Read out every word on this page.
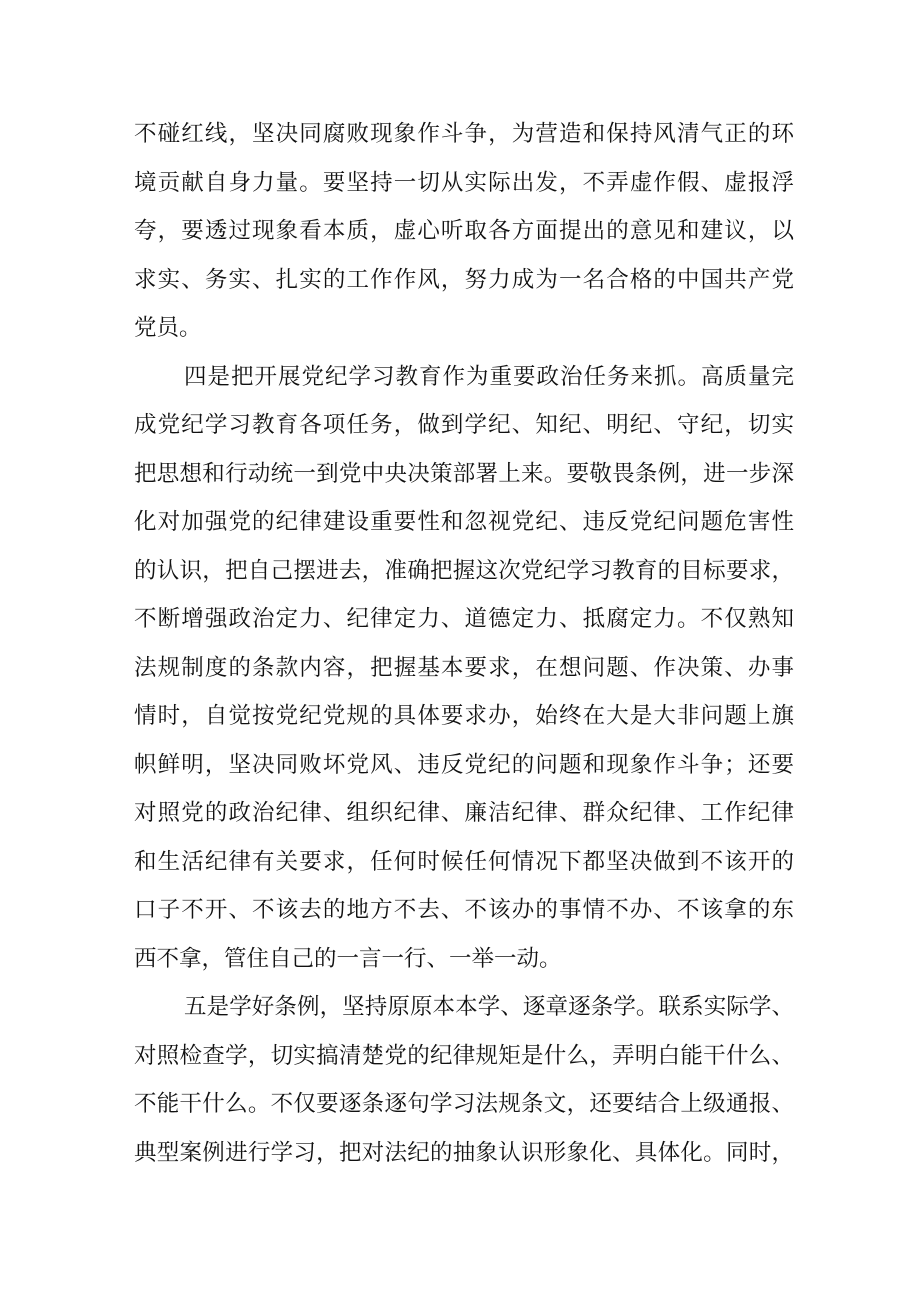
不碰红线，坚决同腐败现象作斗争，为营造和保持风清气正的环
境贡献自身力量。要坚持一切从实际出发，不弄虚作假、虚报浮
夸，要透过现象看本质，虚心听取各方面提出的意见和建议，以
求实、务实、扎实的工作作风，努力成为一名合格的中国共产党
党员。
四是把开展党纪学习教育作为重要政治任务来抓。高质量完
成党纪学习教育各项任务，做到学纪、知纪、明纪、守纪，切实
把思想和行动统一到党中央决策部署上来。要敬畏条例，进一步深
化对加强党的纪律建设重要性和忽视党纪、违反党纪问题危害性
的认识，把自己摆进去，准确把握这次党纪学习教育的目标要求，
不断增强政治定力、纪律定力、道德定力、抵腐定力。不仅熟知
法规制度的条款内容，把握基本要求，在想问题、作决策、办事
情时，自觉按党纪党规的具体要求办，始终在大是大非问题上旗
帜鲜明，坚决同败坏党风、违反党纪的问题和现象作斗争；还要
对照党的政治纪律、组织纪律、廉洁纪律、群众纪律、工作纪律
和生活纪律有关要求，任何时候任何情况下都坚决做到不该开的
口子不开、不该去的地方不去、不该办的事情不办、不该拿的东
西不拿，管住自己的一言一行、一举一动。
五是学好条例，坚持原原本本学、逐章逐条学。联系实际学、
对照检查学，切实搞清楚党的纪律规矩是什么，弄明白能干什么、
不能干什么。不仅要逐条逐句学习法规条文，还要结合上级通报、
典型案例进行学习，把对法纪的抽象认识形象化、具体化。同时，
